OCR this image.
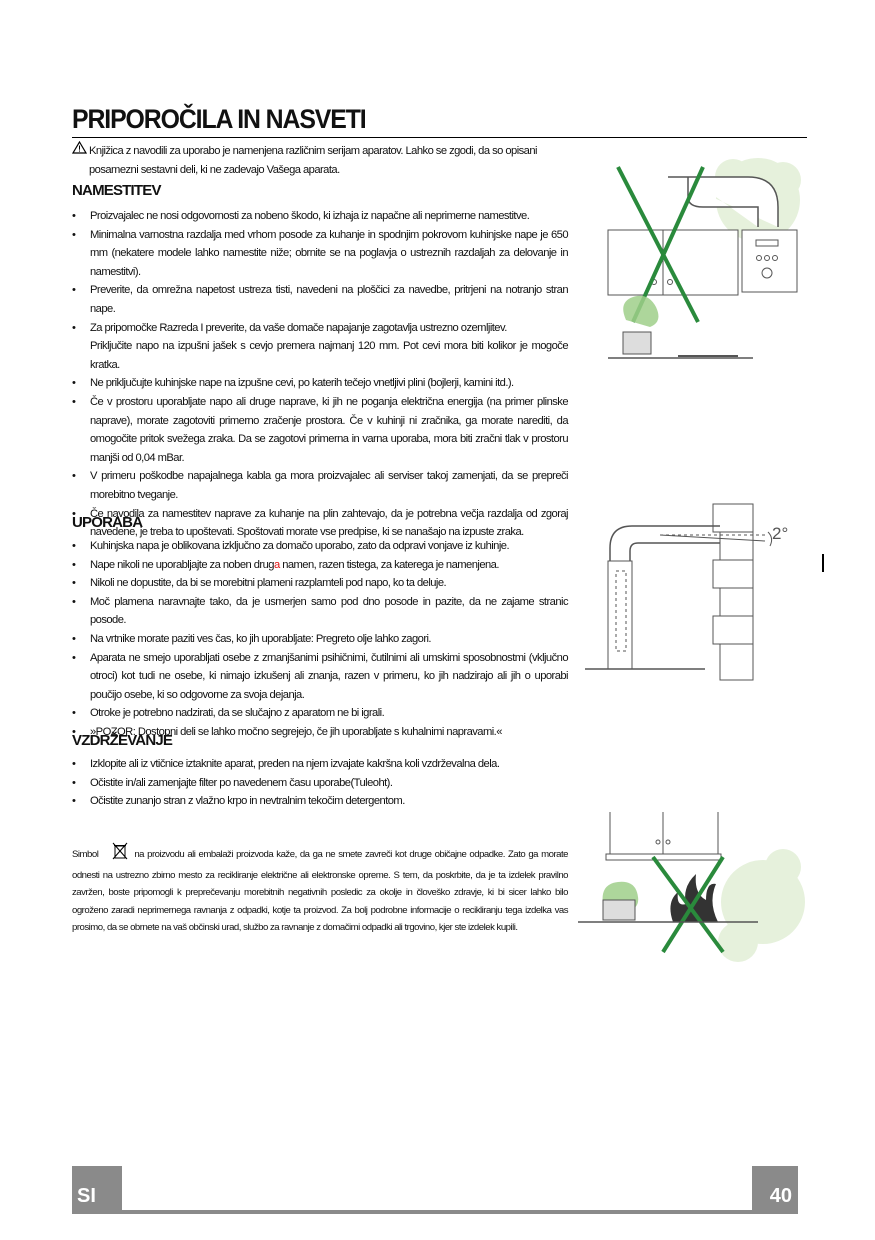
PRIPOROČILA IN NASVETI
Knjižica z navodili za uporabo je namenjena različnim serijam aparatov. Lahko se zgodi, da so opisani posamezni sestavni deli, ki ne zadevajo Vašega aparata.
NAMESTITEV
• Proizvajalec ne nosi odgovornosti za nobeno škodo, ki izhaja iz napačne ali neprimerne namestitve.
• Minimalna varnostna razdalja med vrhom posode za kuhanje in spodnjim pokrovom kuhinjske nape je 650 mm (nekatere modele lahko namestite niže; obrnite se na poglavja o ustreznih razdaljah za delovanje in namestitvi).
• Preverite, da omrežna napetost ustreza tisti, navedeni na ploščici za navedbe, pritrjeni na notranjo stran nape.
• Za pripomočke Razreda I preverite, da vaše domače napajanje zagotavlja ustrezno ozemljitev.
Priključite napo na izpušni jašek s cevjo premera najmanj 120 mm. Pot cevi mora biti kolikor je mogoče kratka.
• Ne priključujte kuhinjske nape na izpušne cevi, po katerih tečejo vnetljivi plini (bojlerji, kamini itd.).
• Če v prostoru uporabljate napo ali druge naprave, ki jih ne poganja električna energija (na primer plinske naprave), morate zagotoviti primerno zračenje prostora. Če v kuhinji ni zračnika, ga morate narediti, da omogočite pritok svežega zraka. Da se zagotovi primerna in varna uporaba, mora biti zračni tlak v prostoru manjši od 0,04 mBar.
• V primeru poškodbe napajalnega kabla ga mora proizvajalec ali serviser takoj zamenjati, da se prepreči morebitno tveganje.
• Če navodila za namestitev naprave za kuhanje na plin zahtevajo, da je potrebna večja razdalja od zgoraj navedene, je treba to upoštevati. Spoštovati morate vse predpise, ki se nanašajo na izpuste zraka.
UPORABA
• Kuhinjska napa je oblikovana izključno za domačo uporabo, zato da odpravi vonjave iz kuhinje.
• Nape nikoli ne uporabljajte za noben druga namen, razen tistega, za katerega je namenjena.
• Nikoli ne dopustite, da bi se morebitni plameni razplamteli pod napo, ko ta deluje.
• Moč plamena naravnajte tako, da je usmerjen samo pod dno posode in pazite, da ne zajame stranic posode.
• Na vrtnike morate paziti ves čas, ko jih uporabljate: Pregreto olje lahko zagori.
• Aparata ne smejo uporabljati osebe z zmanjšanimi psihičnimi, čutilnimi ali umskimi sposobnostmi (vključno otroci) kot tudi ne osebe, ki nimajo izkušenj ali znanja, razen v primeru, ko jih nadzirajo ali jih o uporabi poučijo osebe, ki so odgovorne za svoja dejanja.
• Otroke je potrebno nadzirati, da se slučajno z aparatom ne bi igrali.
• »POZOR: Dostopni deli se lahko močno segrejejo, če jih uporabljate s kuhalnimi napravami.«
VZDRŽEVANJE
• Izklopite ali iz vtičnice iztaknite aparat, preden na njem izvajate kakršna koli vzdrževalna dela.
• Očistite in/ali zamenjajte filter po navedenem času uporabe(Tuleoht).
• Očistite zunanjo stran z vlažno krpo in nevtralnim tekočim detergentom.
Simbol	na proizvodu ali embalaži proizvoda kaže, da ga ne smete zavreči kot druge običajne odpadke. Zato ga morate odnesti na ustrezno zbirno mesto za recikliranje električne ali elektronske opreme. S tem, da poskrbite, da je ta izdelek pravilno zavržen, boste pripomogli k preprečevanju morebitnih negativnih posledic za okolje in človeško zdravje, ki bi sicer lahko bilo ogroženo zaradi neprimernega ravnanja z odpadki, kotje ta proizvod. Za bolj podrobne informacije o recikliranju tega izdelka vas prosimo, da se obrnete na vaš občinski urad, službo za ravnanje z domačimi odpadki ali trgovino, kjer ste izdelek kupili.
2°
SI	40
